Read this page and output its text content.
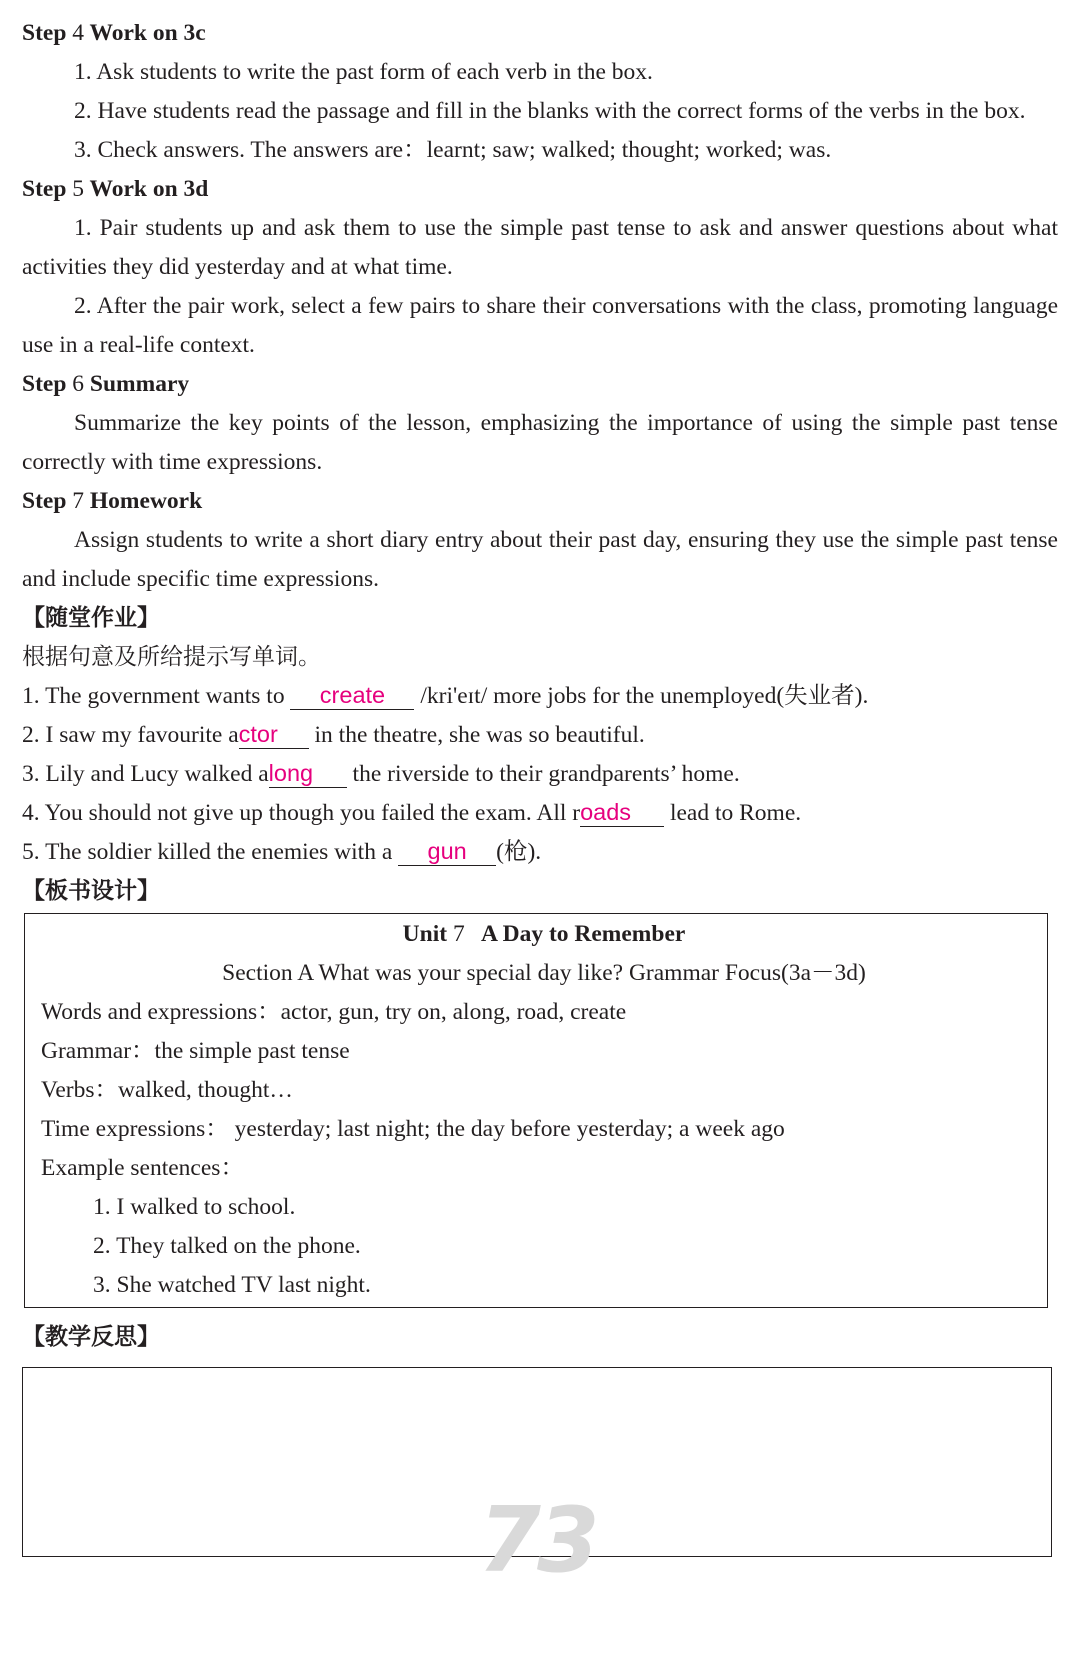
Step 4 Work on 3c
1. Ask students to write the past form of each verb in the box.
2. Have students read the passage and fill in the blanks with the correct forms of the verbs in the box.
3. Check answers. The answers are：learnt; saw; walked; thought; worked; was.
Step 5 Work on 3d
1. Pair students up and ask them to use the simple past tense to ask and answer questions about what activities they did yesterday and at what time.
2. After the pair work, select a few pairs to share their conversations with the class, promoting language use in a real-life context.
Step 6 Summary
Summarize the key points of the lesson, emphasizing the importance of using the simple past tense correctly with time expressions.
Step 7 Homework
Assign students to write a short diary entry about their past day, ensuring they use the simple past tense and include specific time expressions.
【随堂作业】
根据句意及所给提示写单词。
1. The government wants to create /kri'eɪt/ more jobs for the unemployed(失业者).
2. I saw my favourite actor in the theatre, she was so beautiful.
3. Lily and Lucy walked along the riverside to their grandparents’ home.
4. You should not give up though you failed the exam. All roads lead to Rome.
5. The soldier killed the enemies with a gun (枪).
【板书设计】
Unit 7 A Day to Remember
Section A What was your special day like? Grammar Focus(3a－3d)
Words and expressions：actor, gun, try on, along, road, create
Grammar：the simple past tense
Verbs：walked, thought…
Time expressions： yesterday; last night; the day before yesterday; a week ago
Example sentences：
1. I walked to school.
2. They talked on the phone.
3. She watched TV last night.
【教学反思】
73
